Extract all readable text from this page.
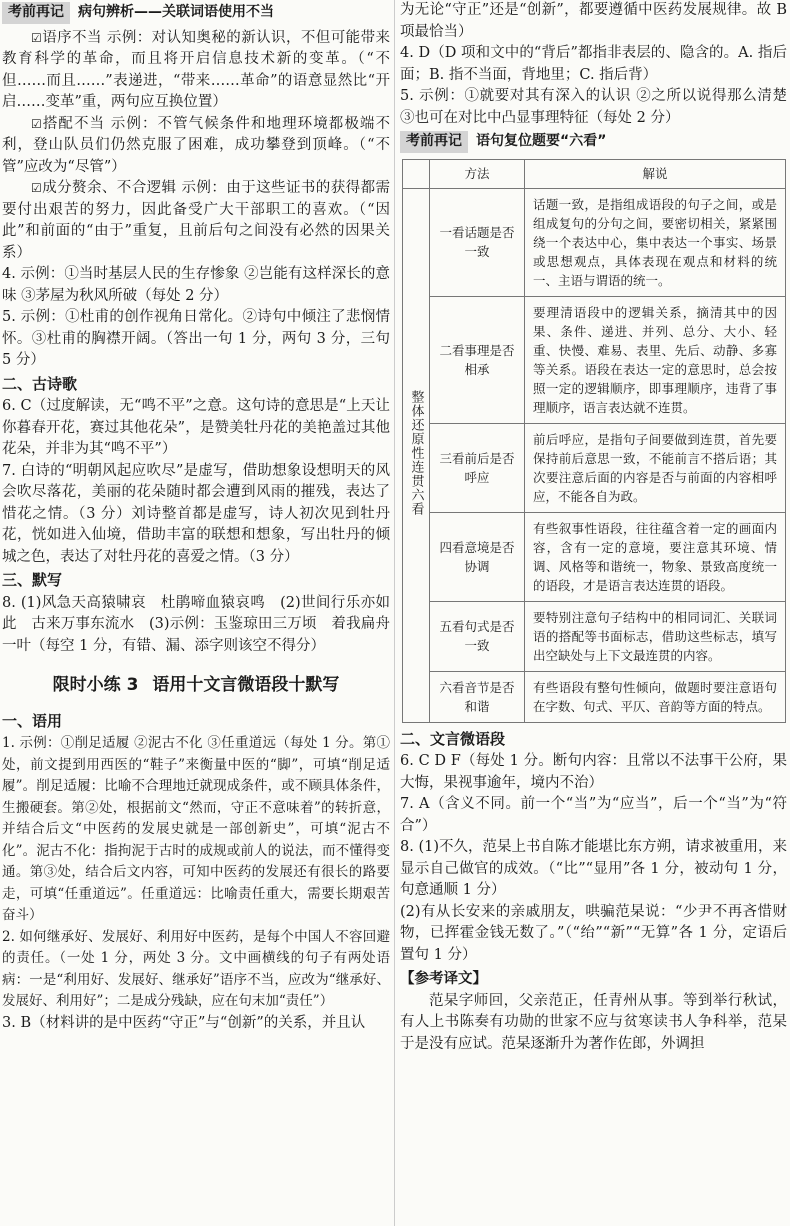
考前再记	病句辨析——关联词语使用不当

☑语序不当 示例：对认知奥秘的新认识，不但可能带来教育科学的革命，而且将开启信息技术新的变革。（“不但……而且……”表递进，“带来……革命”的语意显然比“开启……变革”重，两句应互换位置）

☑搭配不当 示例：不管气候条件和地理环境都极端不利，登山队员们仍然克服了困难，成功攀登到顶峰。（“不管”应改为“尽管”）

☑成分赘余、不合逻辑 示例：由于这些证书的获得都需要付出艰苦的努力，因此备受广大干部职工的喜欢。（“因此”和前面的“由于”重复，且前后句之间没有必然的因果关系）

4. 示例：①当时基层人民的生存惨象 ②岂能有这样深长的意味 ③茅屋为秋风所破（每处 2 分）

5. 示例：①杜甫的创作视角日常化。②诗句中倾注了悲悯情怀。③杜甫的胸襟开阔。（答出一句 1 分，两句 3 分，三句 5 分）

二、古诗歌

6. C（过度解读，无“鸣不平”之意。这句诗的意思是“上天让你暮春开花，赛过其他花朵”，是赞美牡丹花的美艳盖过其他花朵，并非为其“鸣不平”）

7. 白诗的“明朝风起应吹尽”是虚写，借助想象设想明天的风会吹尽落花，美丽的花朵随时都会遭到风雨的摧残，表达了惜花之情。（3 分）刘诗整首都是虚写，诗人初次见到牡丹花，恍如进入仙境，借助丰富的联想和想象，写出牡丹的倾城之色，表达了对牡丹花的喜爱之情。（3 分）

三、默写

8. (1)风急天高猿啸哀　杜鹃啼血猿哀鸣　(2)世间行乐亦如此　古来万事东流水　(3)示例：玉鉴琼田三万顷　着我扁舟一叶（每空 1 分，有错、漏、添字则该空不得分）

限时小练 3 语用十文言微语段十默写
一、语用

1. 示例：①削足适履 ②泥古不化 ③任重道远（每处 1 分。第①处，前文提到用西医的“鞋子”来衡量中医的“脚”，可填“削足适履”。削足适履：比喻不合理地迁就现成条件，或不顾具体条件，生搬硬套。第②处，根据前文“然而，守正不意味着”的转折意，并结合后文“中医药的发展史就是一部创新史”，可填“泥古不化”。泥古不化：指拘泥于古时的成规或前人的说法，而不懂得变通。第③处，结合后文内容，可知中医药的发展还有很长的路要走，可填“任重道远”。任重道远：比喻责任重大，需要长期艰苦奋斗）

2. 如何继承好、发展好、利用好中医药，是每个中国人不容回避的责任。（一处 1 分，两处 3 分。文中画横线的句子有两处语病：一是“利用好、发展好、继承好”语序不当，应改为“继承好、发展好、利用好”；二是成分残缺，应在句末加“责任”）

3. B（材料讲的是中医药“守正”与“创新”的关系，并且认

为无论“守正”还是“创新”，都要遵循中医药发展规律。故 B 项最恰当）

4. D（D 项和文中的“背后”都指非表层的、隐含的。A. 指后面；B. 指不当面，背地里；C. 指后背）

5. 示例：①就要对其有深入的认识 ②之所以说得那么清楚 ③也可在对比中凸显事理特征（每处 2 分）

考前再记	语句复位题要“六看”
	方法	解说
整体还原性连贯六看	一看话题是否一致	话题一致，是指组成语段的句子之间，或是组成复句的分句之间，要密切相关，紧紧围绕一个表达中心，集中表达一个事实、场景或思想观点，具体表现在观点和材料的统一、主语与谓语的统一。
	二看事理是否相承	要理清语段中的逻辑关系，摘清其中的因果、条件、递进、并列、总分、大小、轻重、快慢、难易、表里、先后、动静、多寡等关系。语段在表达一定的意思时，总会按照一定的逻辑顺序，即事理顺序，违背了事理顺序，语言表达就不连贯。
	三看前后是否呼应	前后呼应，是指句子间要做到连贯，首先要保持前后意思一致，不能前言不搭后语；其次要注意后面的内容是否与前面的内容相呼应，不能各自为政。
	四看意境是否协调	有些叙事性语段，往往蕴含着一定的画面内容，含有一定的意境，要注意其环境、情调、风格等和谐统一，物象、景致高度统一的语段，才是语言表达连贯的语段。
	五看句式是否一致	要特别注意句子结构中的相同词汇、关联词语的搭配等书面标志，借助这些标志，填写出空缺处与上下文最连贯的内容。
	六看音节是否和谐	有些语段有整句性倾向，做题时要注意语句在字数、句式、平仄、音韵等方面的特点。
二、文言微语段

6. C D F（每处 1 分。断句内容：且常以不法事干公府，果大悔，果视事逾年，境内不治）

7. A（含义不同。前一个“当”为“应当”，后一个“当”为“符合”）

8. (1)不久，范杲上书自陈才能堪比东方朔，请求被重用，来显示自己做官的成效。（“比”“显用”各 1 分，被动句 1 分，句意通顺 1 分）

(2)有从长安来的亲戚朋友，哄骗范杲说：“少尹不再吝惜财物，已挥霍金钱无数了。”（“绐”“新”“无算”各 1 分，定语后置句 1 分）

【参考译文】

范杲字师回，父亲范正，任青州从事。等到举行秋试，有人上书陈奏有功勋的世家不应与贫寒读书人争科举，范杲于是没有应试。范杲逐渐升为著作佐郎，外调担
